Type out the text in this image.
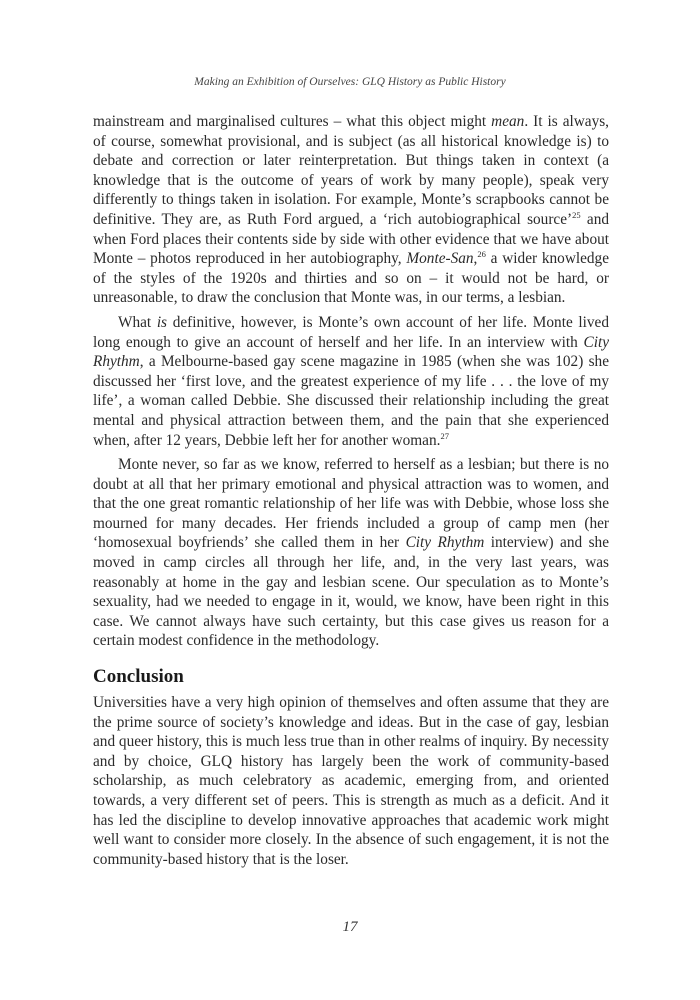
Making an Exhibition of Ourselves: GLQ History as Public History

mainstream and marginalised cultures – what this object might mean. It is always, of course, somewhat provisional, and is subject (as all historical knowledge is) to debate and correction or later reinterpretation. But things taken in context (a knowledge that is the outcome of years of work by many people), speak very differently to things taken in isolation. For example, Monte’s scrapbooks cannot be definitive. They are, as Ruth Ford argued, a ‘rich autobiographical source’$^{25}$ and when Ford places their contents side by side with other evidence that we have about Monte – photos reproduced in her autobiography, Monte-San,$^{26}$ a wider knowledge of the styles of the 1920s and thirties and so on – it would not be hard, or unreasonable, to draw the conclusion that Monte was, in our terms, a lesbian.

What is definitive, however, is Monte’s own account of her life. Monte lived long enough to give an account of herself and her life. In an interview with City Rhythm, a Melbourne-based gay scene magazine in 1985 (when she was 102) she discussed her ‘first love, and the greatest experience of my life . . . the love of my life’, a woman called Debbie. She discussed their relationship including the great mental and physical attraction between them, and the pain that she experienced when, after 12 years, Debbie left her for another woman.$^{27}$

Monte never, so far as we know, referred to herself as a lesbian; but there is no doubt at all that her primary emotional and physical attraction was to women, and that the one great romantic relationship of her life was with Debbie, whose loss she mourned for many decades. Her friends included a group of camp men (her ‘homosexual boyfriends’ she called them in her City Rhythm interview) and she moved in camp circles all through her life, and, in the very last years, was reasonably at home in the gay and lesbian scene. Our speculation as to Monte’s sexuality, had we needed to engage in it, would, we know, have been right in this case. We cannot always have such certainty, but this case gives us reason for a certain modest confidence in the methodology.

Conclusion

Universities have a very high opinion of themselves and often assume that they are the prime source of society’s knowledge and ideas. But in the case of gay, lesbian and queer history, this is much less true than in other realms of inquiry. By necessity and by choice, GLQ history has largely been the work of community-based scholarship, as much celebratory as academic, emerging from, and oriented towards, a very different set of peers. This is strength as much as a deficit. And it has led the discipline to develop innovative approaches that academic work might well want to consider more closely. In the absence of such engagement, it is not the community-based history that is the loser.

17
